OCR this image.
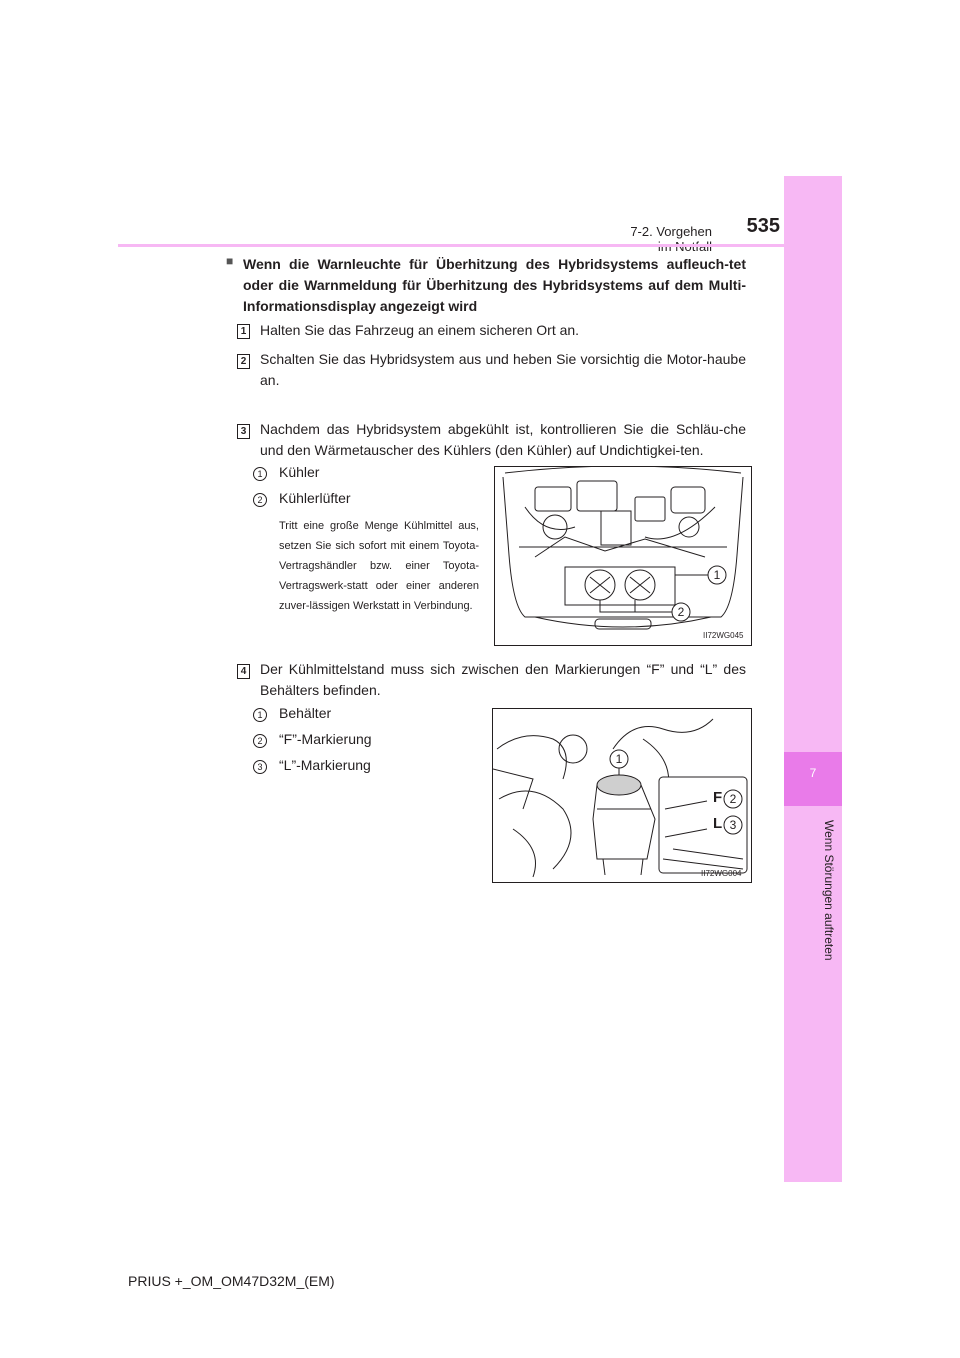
7
Wenn Störungen auftreten
7-2. Vorgehen	535
■ Wenn die Warnleuchte für Überhitzung des Hybridsystems aufleuch-tet oder die Warnmeldung für Überhitzung des Hybridsystems auf dem Multi-Informationsdisplay angezeigt wird
1 Halten Sie das Fahrzeug an einem sicheren Ort an.
2 Schalten Sie das Hybridsystem aus und heben Sie vorsichtig die Motor-haube an.
3 Nachdem das Hybridsystem abgekühlt ist, kontrollieren Sie die Schläu-che und den Wärmetauscher des Kühlers (den Kühler) auf Undichtigkei-ten.
1	Kühler
2	Kühlerlüfter
Tritt eine große Menge Kühlmittel aus, setzen Sie sich sofort mit einem Toyota-Vertragshändler bzw. einer Toyota-Vertragswerk-statt oder einer anderen zuver-lässigen Werkstatt in Verbindung.
1
2
II72WG045
4 Der Kühlmittelstand muss sich zwischen den Markierungen “F” und “L” des Behälters befinden.
1	Behälter
2	“F”-Markierung
3	“L”-Markierung	1
2
3
F
L
II72WG004
PRIUS +_OM_OM47D32M_(EM)
